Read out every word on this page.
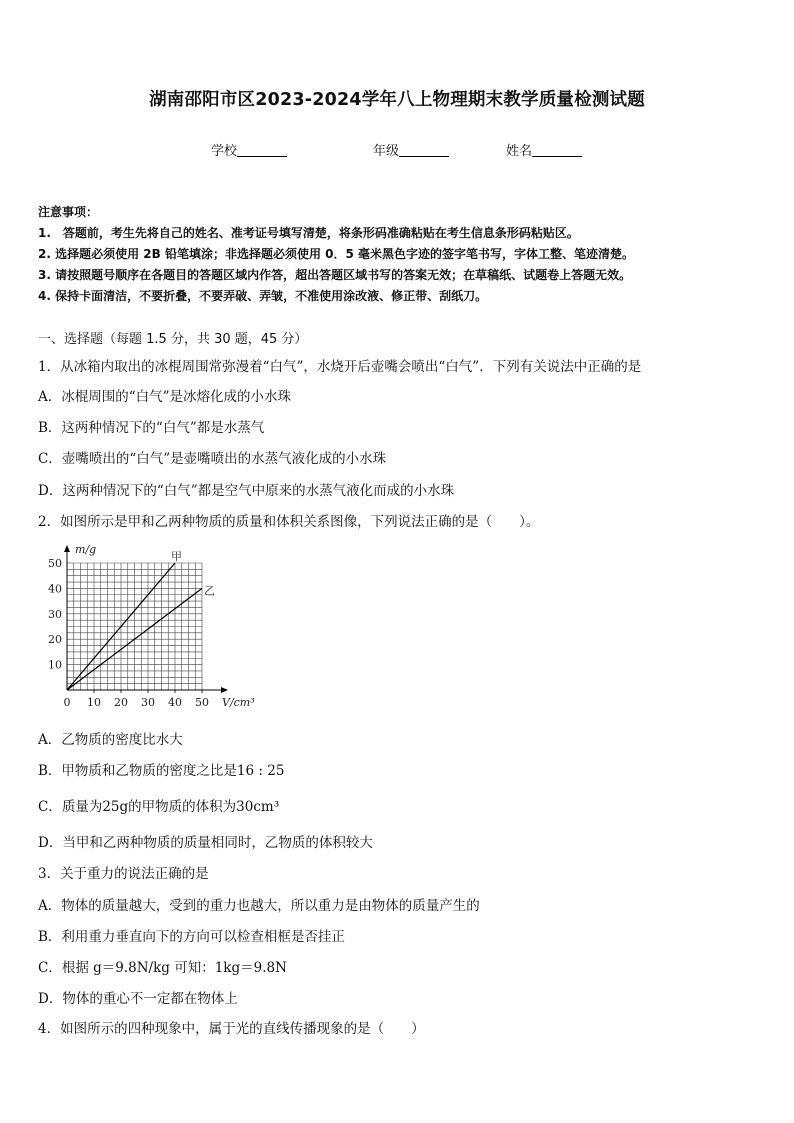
湖南邵阳市区2023-2024学年八上物理期末教学质量检测试题
学校	年级	姓名
注意事项：
1.　答题前，考生先将自己的姓名、准考证号填写清楚，将条形码准确粘贴在考生信息条形码粘贴区。
2. 选择题必须使用 2B 铅笔填涂；非选择题必须使用 0．5 毫米黑色字迹的签字笔书写，字体工整、笔迹清楚。
3. 请按照题号顺序在各题目的答题区域内作答，超出答题区域书写的答案无效；在草稿纸、试题卷上答题无效。
4. 保持卡面清洁，不要折叠，不要弄破、弄皱，不准使用涂改液、修正带、刮纸刀。
一、选择题（每题 1.5 分，共 30 题，45 分）
1．从冰箱内取出的冰棍周围常弥漫着“白气”，水烧开后壶嘴会喷出“白气”．下列有关说法中正确的是
A．冰棍周围的“白气”是冰熔化成的小水珠
B．这两种情况下的“白气”都是水蒸气
C．壶嘴喷出的“白气”是壶嘴喷出的水蒸气液化成的小水珠
D．这两种情况下的“白气”都是空气中原来的水蒸气液化而成的小水珠
2．如图所示是甲和乙两种物质的质量和体积关系图像，下列说法正确的是（　　）。
甲
乙
0 10 20 30 40 50
10
20
30
40
50
V/cm³
m/g
A．乙物质的密度比水大
B．甲物质和乙物质的密度之比是16 : 25
C．质量为25g的甲物质的体积为30cm³
D．当甲和乙两种物质的质量相同时，乙物质的体积较大
3．关于重力的说法正确的是
A．物体的质量越大，受到的重力也越大，所以重力是由物体的质量产生的
B．利用重力垂直向下的方向可以检查相框是否挂正
C．根据 g＝9.8N/kg 可知：1kg＝9.8N
D．物体的重心不一定都在物体上
4．如图所示的四种现象中，属于光的直线传播现象的是（　　）
